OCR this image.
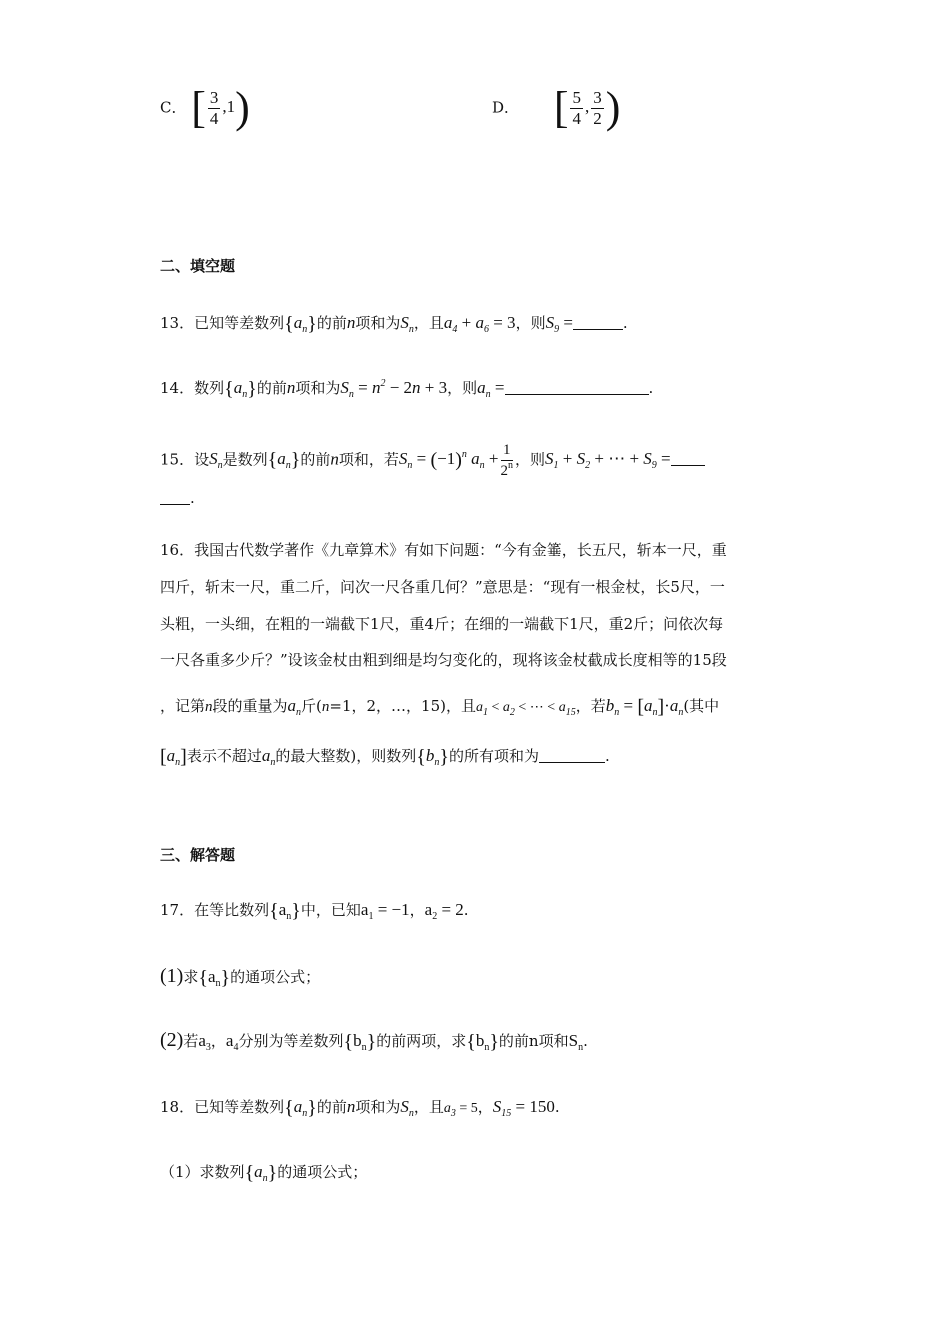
C． [ $\frac{3}{4} ,1$)	D． [ $\frac{5}{4}$ , $\frac{3}{2}$ )
二、填空题
13．已知等差数列$\{a_n\}$的前n项和为$S_n$，且$a_4 + a_6 = 3$，则$S_9$ =	.
14．数列$\{a_n\}$的前n项和为$S_n = n^2 - 2n + 3$，则$a_n$ =	.
15．设$S_n$是数列$\{a_n\}$的前n项和，若$S_n = (-1)^n$ $a_n + \frac{1}{2^n}$ ，则$S_1 + S_2$ + ⋯ + $S_9$ =
.
16．我国古代数学著作《九章算术》有如下问题：“今有金箠，长五尺，斩本一尺，重
四斤，斩末一尺，重二斤，问次一尺各重几何？”意思是：“现有一根金杖，长5尺，一
头粗，一头细，在粗的一端截下1尺，重4斤；在细的一端截下1尺，重2斤；问依次每
一尺各重多少斤？”设该金杖由粗到细是均匀变化的，现将该金杖截成长度相等的15段
，记第n段的重量为$a_n$斤(n=1，2，…，15)，且$a_1 < a_2$ < ⋯ < $a_{15}$，若$b_n = [a_n]\cdot a_n$(其中
$[a_n]$表示不超过$a_n$的最大整数)，则数列$\{b_n\}$的所有项和为	.
三、解答题
17．在等比数列$\{a_n\}$中，已知$a_1 = -1$，$a_2 = 2$.
(1)求$\{a_n\}$的通项公式；
(2)若$a_3$，$a_4$分别为等差数列$\{b_n\}$的前两项，求$\{b_n\}$的前n项和$S_n$.
18．已知等差数列$\{a_n\}$的前n项和为$S_n$，且$a_3 = 5$，$S_{15} = 150$.
（1）求数列$\{a_n\}$的通项公式；
